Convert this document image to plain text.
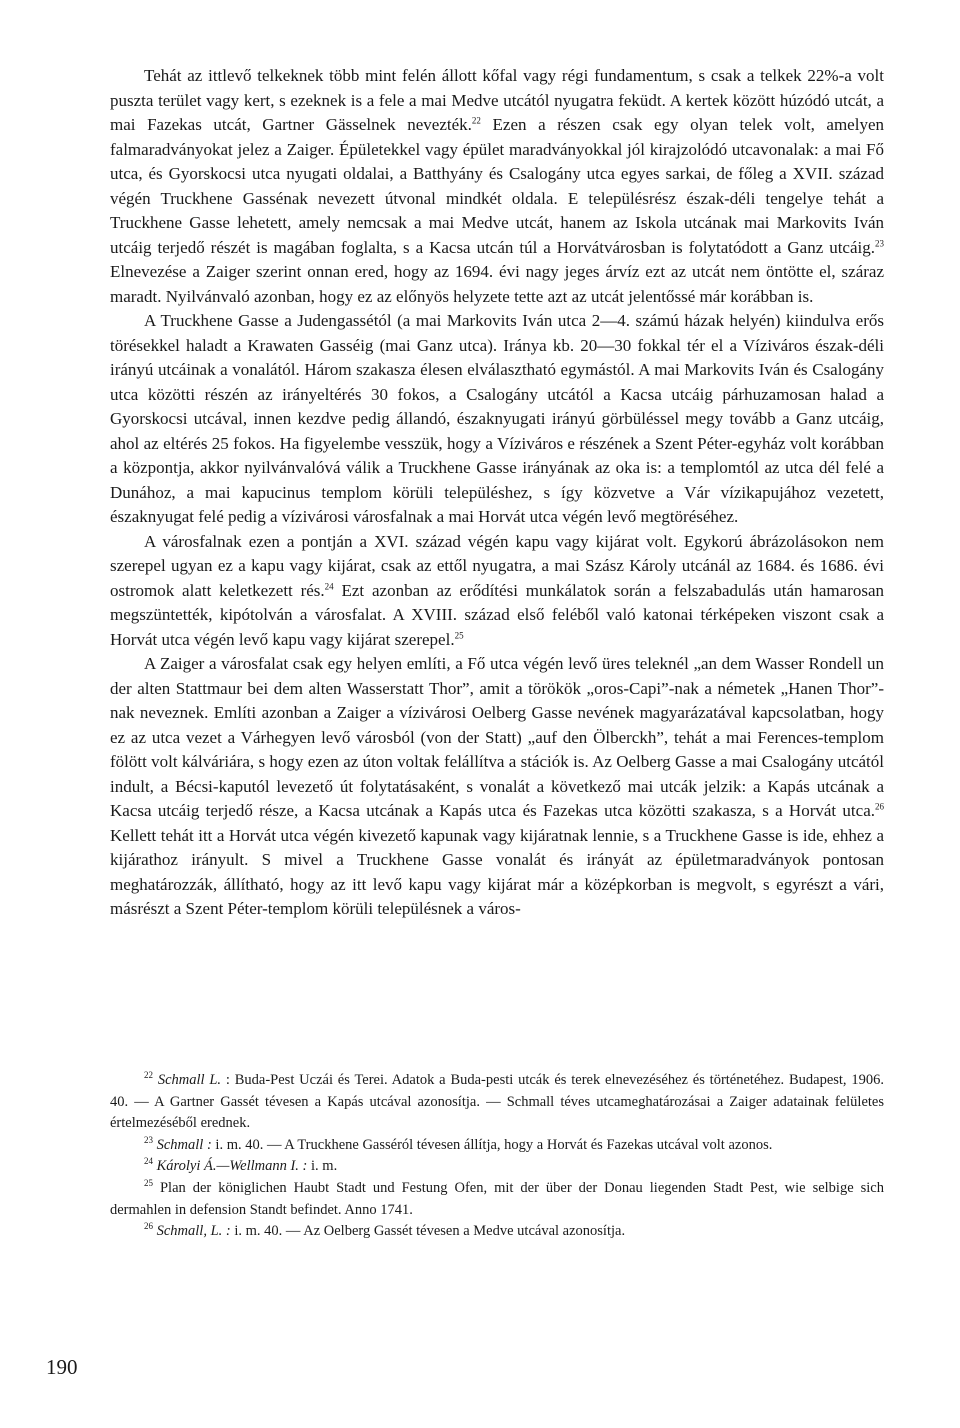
Tehát az ittlevő telkeknek több mint felén állott kőfal vagy régi fundamentum, s csak a telkek 22%-a volt puszta terület vagy kert, s ezeknek is a fele a mai Medve utcától nyugatra feküdt. A kertek között húzódó utcát, a mai Fazekas utcát, Gartner Gässelnek nevezték.$^{22}$ Ezen a részen csak egy olyan telek volt, amelyen falmaradványokat jelez a Zaiger. Épületekkel vagy épület maradványokkal jól kirajzolódó utcavonalak: a mai Fő utca, és Gyorskocsi utca nyugati oldalai, a Batthyány és Csalogány utca egyes sarkai, de főleg a XVII. század végén Truckhene Gassénak nevezett útvonal mindkét oldala. E településrész észak-déli tengelye tehát a Truckhene Gasse lehetett, amely nemcsak a mai Medve utcát, hanem az Iskola utcának mai Markovits Iván utcáig terjedő részét is magában foglalta, s a Kacsa utcán túl a Horvátvárosban is folytatódott a Ganz utcáig.$^{23}$ Elnevezése a Zaiger szerint onnan ered, hogy az 1694. évi nagy jeges árvíz ezt az utcát nem öntötte el, száraz maradt. Nyilvánvaló azonban, hogy ez az előnyös helyzete tette azt az utcát jelentőssé már korábban is.

A Truckhene Gasse a Judengassétól (a mai Markovits Iván utca 2—4. számú házak helyén) kiindulva erős törésekkel haladt a Krawaten Gasséig (mai Ganz utca). Iránya kb. 20—30 fokkal tér el a Víziváros észak-déli irányú utcáinak a vonalától. Három szakasza élesen elválasztható egymástól. A mai Markovits Iván és Csalogány utca közötti részén az irányeltérés 30 fokos, a Csalogány utcától a Kacsa utcáig párhuzamosan halad a Gyorskocsi utcával, innen kezdve pedig állandó, északnyugati irányú görbüléssel megy tovább a Ganz utcáig, ahol az eltérés 25 fokos. Ha figyelembe vesszük, hogy a Víziváros e részének a Szent Péter-egyház volt korábban a központja, akkor nyilvánvalóvá válik a Truckhene Gasse irányának az oka is: a templomtól az utca dél felé a Dunához, a mai kapucinus templom körüli településhez, s így közvetve a Vár vízikapujához vezetett, északnyugat felé pedig a vízivárosi városfalnak a mai Horvát utca végén levő megtöréséhez.

A városfalnak ezen a pontján a XVI. század végén kapu vagy kijárat volt. Egykorú ábrázolásokon nem szerepel ugyan ez a kapu vagy kijárat, csak az ettől nyugatra, a mai Szász Károly utcánál az 1684. és 1686. évi ostromok alatt keletkezett rés.$^{24}$ Ezt azonban az erődítési munkálatok során a felszabadulás után hamarosan megszüntették, kipótolván a városfalat. A XVIII. század első feléből való katonai térképeken viszont csak a Horvát utca végén levő kapu vagy kijárat szerepel.$^{25}$

A Zaiger a városfalat csak egy helyen említi, a Fő utca végén levő üres teleknél „an dem Wasser Rondell un der alten Stattmaur bei dem alten Wasserstatt Thor”, amit a törökök „oros-Capi”-nak a németek „Hanen Thor”-nak neveznek. Említi azonban a Zaiger a vízivárosi Oelberg Gasse nevének magyarázatával kapcsolatban, hogy ez az utca vezet a Várhegyen levő városból (von der Statt) „auf den Ölberckh”, tehát a mai Ferences-templom fölött volt kálváriára, s hogy ezen az úton voltak felállítva a stációk is. Az Oelberg Gasse a mai Csalogány utcától indult, a Bécsi-kaputól levezető út folytatásaként, s vonalát a következő mai utcák jelzik: a Kapás utcának a Kacsa utcáig terjedő része, a Kacsa utcának a Kapás utca és Fazekas utca közötti szakasza, s a Horvát utca.$^{26}$ Kellett tehát itt a Horvát utca végén kivezető kapunak vagy kijáratnak lennie, s a Truckhene Gasse is ide, ehhez a kijárathoz irányult. S mivel a Truckhene Gasse vonalát és irányát az épületmaradványok pontosan meghatározzák, állítható, hogy az itt levő kapu vagy kijárat már a középkorban is megvolt, s egyrészt a vári, másrészt a Szent Péter-templom körüli településnek a város-

$^{22}$ Schmall L. : Buda-Pest Uczái és Terei. Adatok a Buda-pesti utcák és terek elnevezéséhez és történetéhez. Budapest, 1906. 40. — A Gartner Gassét tévesen a Kapás utcával azonosítja. — Schmall téves utcameghatározásai a Zaiger adatainak felületes értelmezéséből erednek.

$^{23}$ Schmall : i. m. 40. — A Truckhene Gasséról tévesen állítja, hogy a Horvát és Fazekas utcával volt azonos.

$^{24}$ Károlyi Á.—Wellmann I. : i. m.

$^{25}$ Plan der königlichen Haubt Stadt und Festung Ofen, mit der über der Donau liegenden Stadt Pest, wie selbige sich dermahlen in defension Standt befindet. Anno 1741.

$^{26}$ Schmall, L. : i. m. 40. — Az Oelberg Gassét tévesen a Medve utcával azonosítja.

190
